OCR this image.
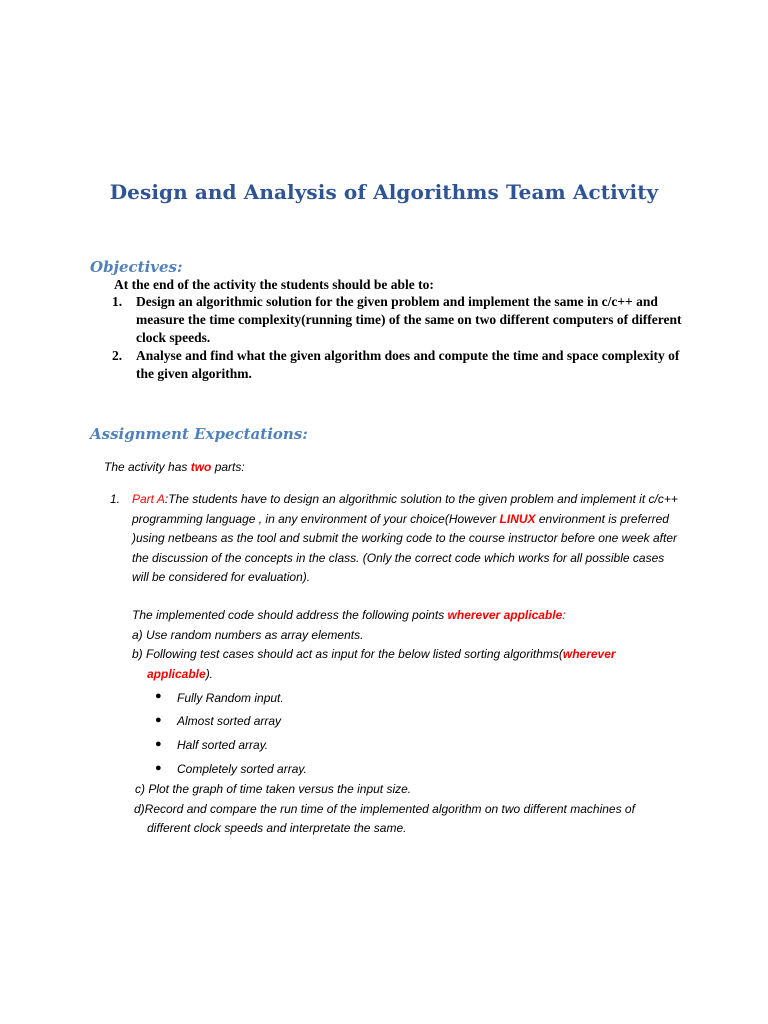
Design and Analysis of Algorithms Team Activity
Objectives:

At the end of the activity the students should be able to:

1. Design an algorithmic solution for the given problem and implement the same in c/c++ and measure the time complexity(running time) of the same on two different computers of different clock speeds.
2. Analyse and find what the given algorithm does and compute the time and space complexity of the given algorithm.
Assignment Expectations:

The activity has two parts:

1. Part A:The students have to design an algorithmic solution to the given problem and implement it c/c++ programming language , in any environment of your choice(However LINUX environment is preferred )using netbeans as the tool and submit the working code to the course instructor before one week after the discussion of the concepts in the class. (Only the correct code which works for all possible cases will be considered for evaluation).

The implemented code should address the following points wherever applicable:

a) Use random numbers as array elements.

b) Following test cases should act as input for the below listed sorting algorithms(wherever

applicable).

● Fully Random input.

● Almost sorted array

● Half sorted array.

● Completely sorted array.

c) Plot the graph of time taken versus the input size.

d)Record and compare the run time of the implemented algorithm on two different machines of

different clock speeds and interpretate the same.
